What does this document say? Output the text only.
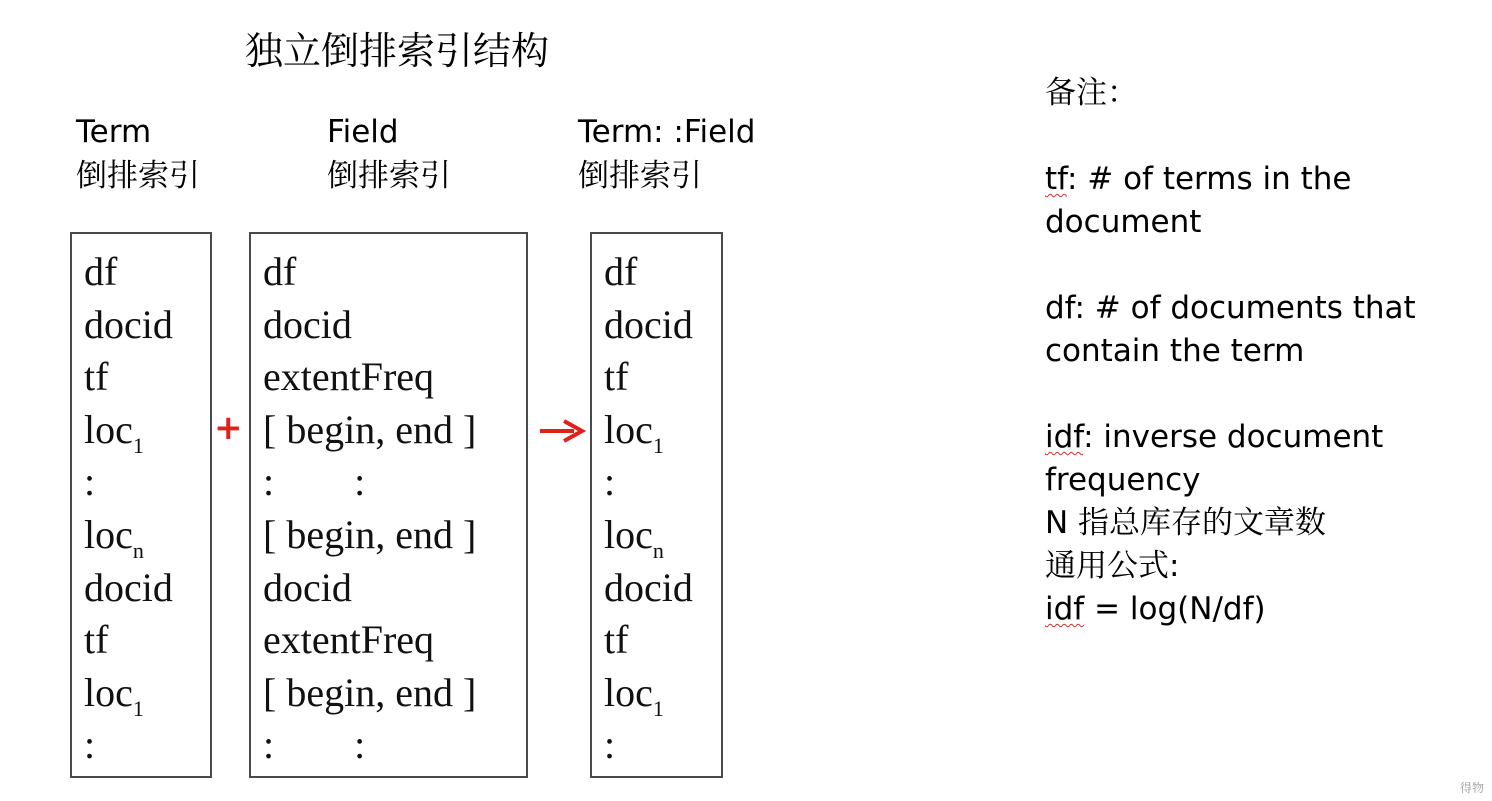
独立倒排索引结构
Term
倒排索引
df
docid
tf
loc$_1$
:
loc$_n$
docid
tf
loc$_1$
:
+
Field
倒排索引
df
docid
extentFreq
[ begin, end ]
:        :
[ begin, end ]
docid
extentFreq
[ begin, end ]
:        :
Term: :Field
倒排索引
df
docid
tf
loc$_1$
:
loc$_n$
docid
tf
loc$_1$
:
备注：
tf: # of terms in the document
df: # of documents that contain the term
idf: inverse document frequency
N 指总库存的文章数
通用公式:
idf = log(N/df)
得物
